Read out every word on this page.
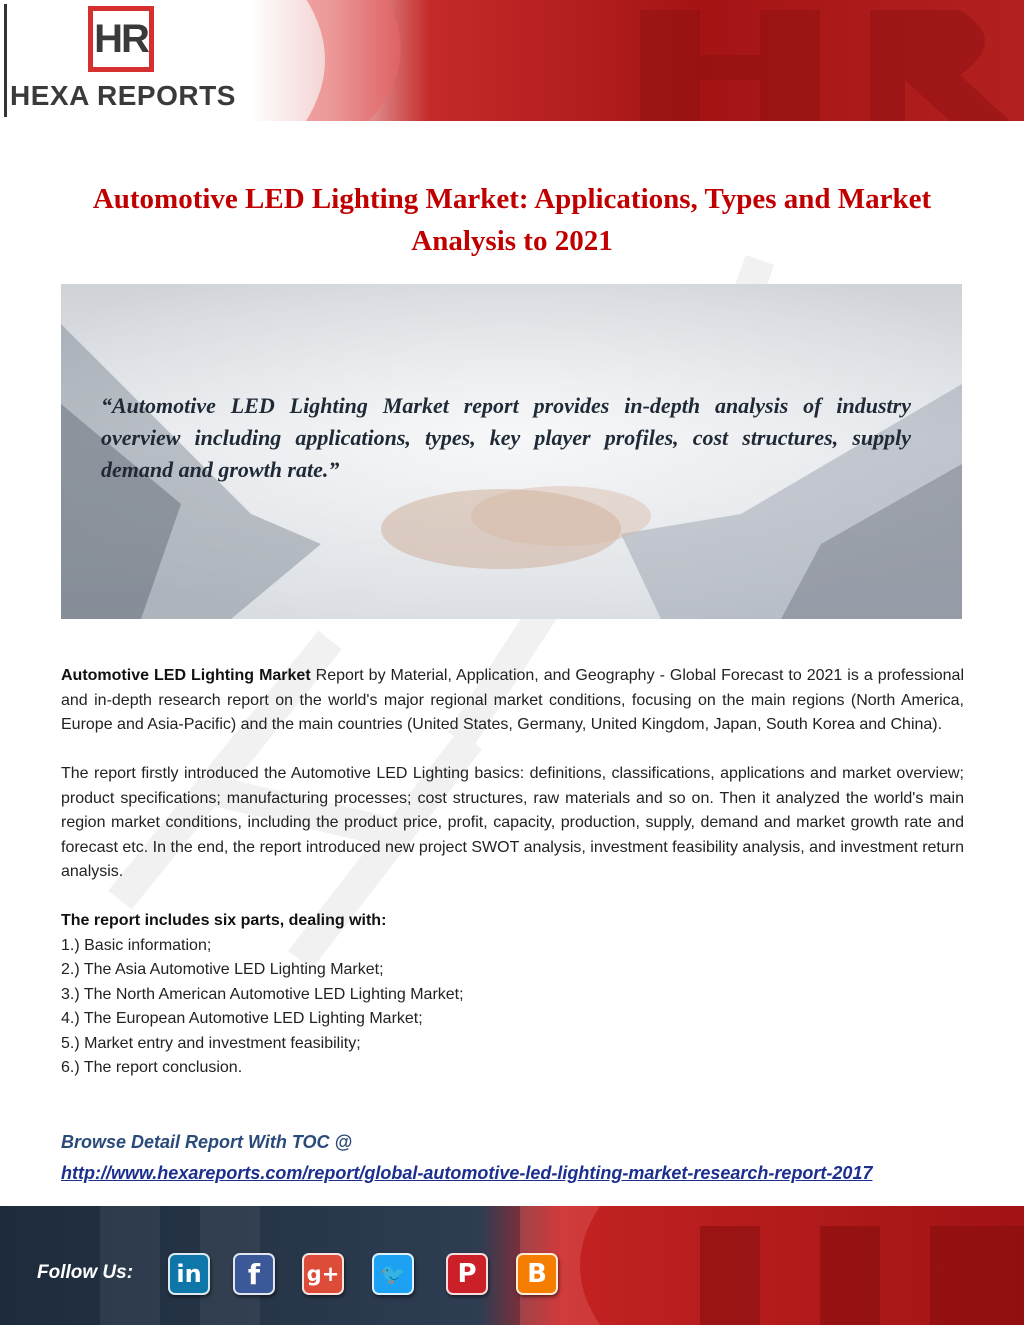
HR
HEXA REPORTS
Automotive LED Lighting Market: Applications, Types and Market Analysis to 2021

“Automotive LED Lighting Market report provides in-depth analysis of industry overview including applications, types, key player profiles, cost structures, supply demand and growth rate.”

Automotive LED Lighting Market Report by Material, Application, and Geography - Global Forecast to 2021 is a professional and in-depth research report on the world's major regional market conditions, focusing on the main regions (North America, Europe and Asia-Pacific) and the main countries (United States, Germany, United Kingdom, Japan, South Korea and China).

The report firstly introduced the Automotive LED Lighting basics: definitions, classifications, applications and market overview; product specifications; manufacturing processes; cost structures, raw materials and so on. Then it analyzed the world's main region market conditions, including the product price, profit, capacity, production, supply, demand and market growth rate and forecast etc. In the end, the report introduced new project SWOT analysis, investment feasibility analysis, and investment return analysis.

The report includes six parts, dealing with:
1.) Basic information;
2.) The Asia Automotive LED Lighting Market;
3.) The North American Automotive LED Lighting Market;
4.) The European Automotive LED Lighting Market;
5.) Market entry and investment feasibility;
6.) The report conclusion.
Browse Detail Report With TOC @
http://www.hexareports.com/report/global-automotive-led-lighting-market-research-report-2017
Follow Us: in	f	g+	🐦	P	B
